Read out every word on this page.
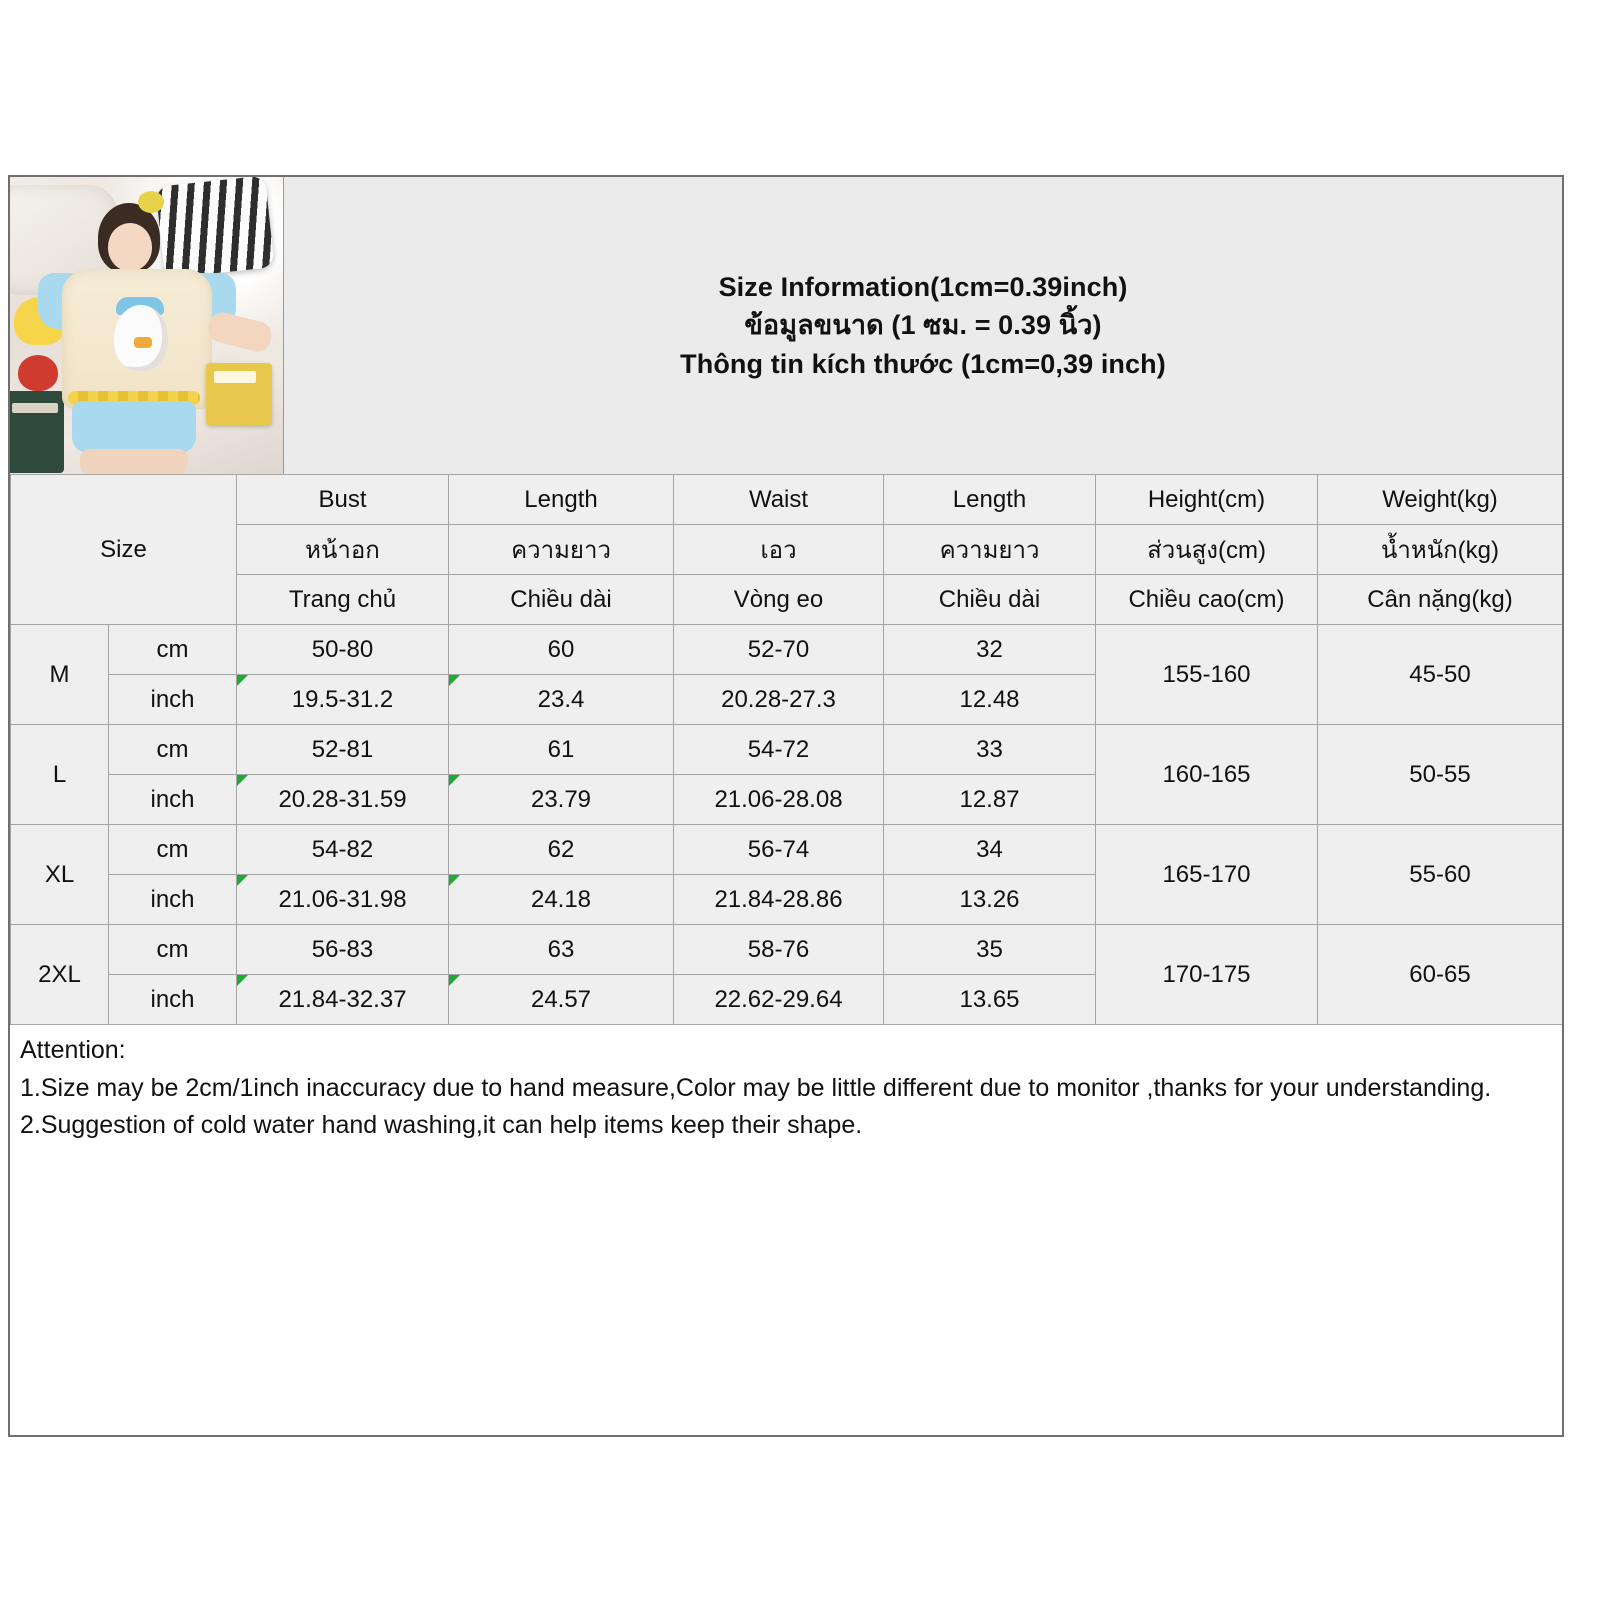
Size Information(1cm=0.39inch)
ข้อมูลขนาด (1 ซม. = 0.39 นิ้ว)
Thông tin kích thước (1cm=0,39 inch)
Size		Bust	Length	Waist	Length	Height(cm)	Weight(kg)
		หน้าอก	ความยาว	เอว	ความยาว	ส่วนสูง(cm)	น้ำหนัก(kg)
		Trang chủ	Chiều dài	Vòng eo	Chiều dài	Chiều cao(cm)	Cân nặng(kg)
M	cm	50-80	60	52-70	32	155-160	45-50
	inch	19.5-31.2	23.4	20.28-27.3	12.48		
L	cm	52-81	61	54-72	33	160-165	50-55
	inch	20.28-31.59	23.79	21.06-28.08	12.87		
XL	cm	54-82	62	56-74	34	165-170	55-60
	inch	21.06-31.98	24.18	21.84-28.86	13.26		
2XL	cm	56-83	63	58-76	35	170-175	60-65
	inch	21.84-32.37	24.57	22.62-29.64	13.65		
Attention:
1.Size may be 2cm/1inch inaccuracy due to hand measure,Color may be little different due to monitor ,thanks for your understanding.
2.Suggestion of cold water hand washing,it can help items keep their shape.
